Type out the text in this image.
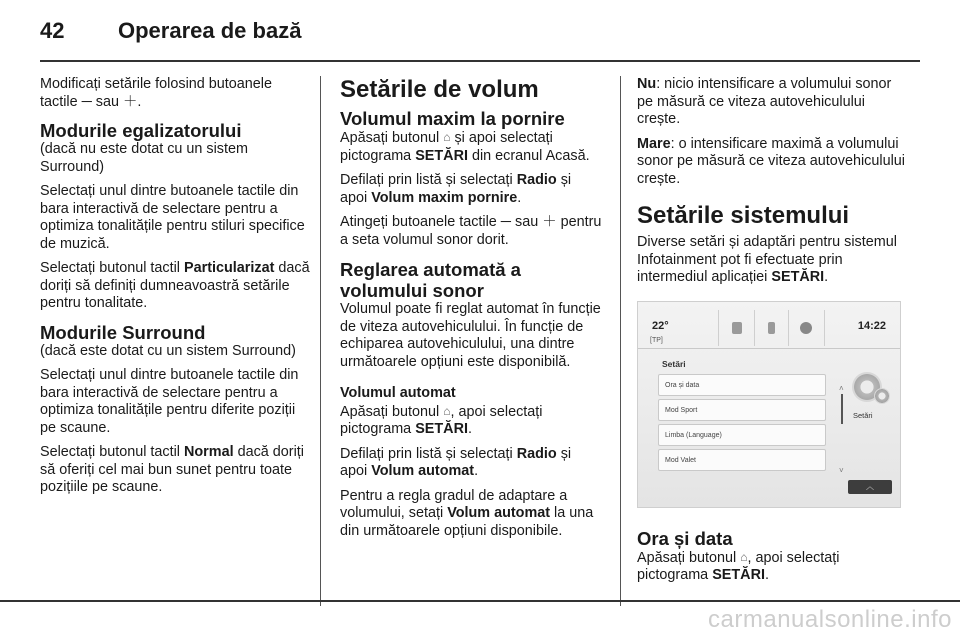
42 Operarea de bază

Modificați setările folosind butoanele tactile ─ sau ＋.

Modurile egalizatorului

(dacă nu este dotat cu un sistem Surround)

Selectați unul dintre butoanele tactile din bara interactivă de selectare pentru a optimiza tonalitățile pentru stiluri specifice de muzică.

Selectați butonul tactil Particularizat dacă doriți să definiți dumneavoastră setările pentru tonalitate.

Modurile Surround

(dacă este dotat cu un sistem Surround)

Selectați unul dintre butoanele tactile din bara interactivă de selectare pentru a optimiza tonalitățile pentru diferite poziții pe scaune.

Selectați butonul tactil Normal dacă doriți să oferiți cel mai bun sunet pentru toate pozițiile pe scaune.

Setările de volum
Volumul maxim la pornire

Apăsați butonul ⌂ și apoi selectați pictograma SETĂRI din ecranul Acasă.

Defilați prin listă și selectați Radio și apoi Volum maxim pornire.

Atingeți butoanele tactile ─ sau ＋ pentru a seta volumul sonor dorit.

Reglarea automată a volumului sonor

Volumul poate fi reglat automat în funcție de viteza autovehiculului. În funcție de echiparea autovehiculului, una dintre următoarele opțiuni este disponibilă.

Volumul automat

Apăsați butonul ⌂, apoi selectați pictograma SETĂRI.

Defilați prin listă și selectați Radio și apoi Volum automat.

Pentru a regla gradul de adaptare a volumului, setați Volum automat la una din următoarele opțiuni disponibile.

Nu: nicio intensificare a volumului sonor pe măsură ce viteza autovehiculului crește.

Mare: o intensificare maximă a volumului sonor pe măsură ce viteza autovehiculului crește.

Setările sistemului

Diverse setări și adaptări pentru sistemul Infotainment pot fi efectuate prin intermediul aplicației SETĂRI.

22°
[TP]
14:22
Setări
Ora și data
Mod Sport
Limba (Language)
Mod Valet
˄
˅
Setări
︿
Ora și data

Apăsați butonul ⌂, apoi selectați pictograma SETĂRI.

carmanualsonline.info
